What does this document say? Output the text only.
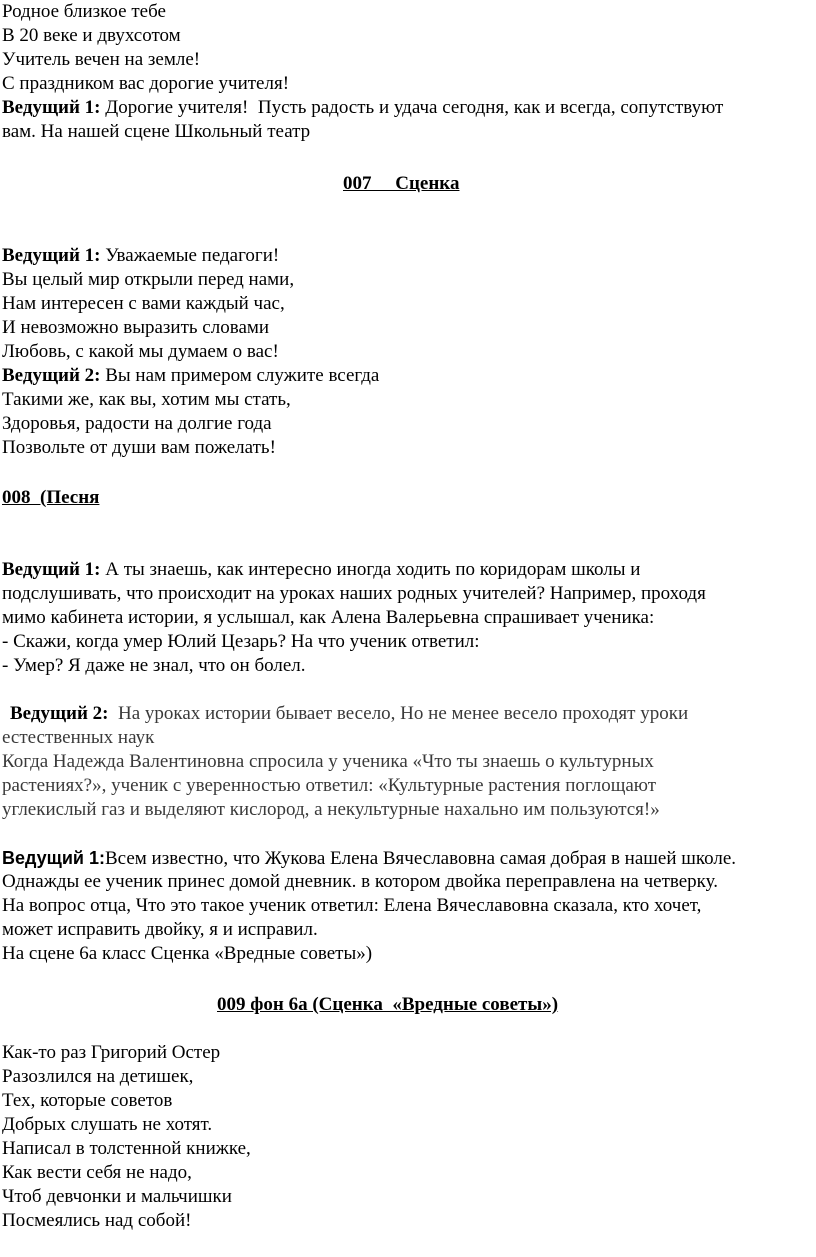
Родное близкое тебе
В 20 веке и двухсотом
Учитель вечен на земле!
С праздником вас дорогие учителя!
Ведущий 1: Дорогие учителя!  Пусть радость и удача сегодня, как и всегда, сопутствуют
вам. На нашей сцене Школьный театр
007     Сценка
Ведущий 1: Уважаемые педагоги!
Вы целый мир открыли перед нами,
Нам интересен с вами каждый час,
И невозможно выразить словами
Любовь, с какой мы думаем о вас!
Ведущий 2: Вы нам примером служите всегда
Такими же, как вы, хотим мы стать,
Здоровья, радости на долгие года
Позвольте от души вам пожелать!
008  (Песня
Ведущий 1: А ты знаешь, как интересно иногда ходить по коридорам школы и
подслушивать, что происходит на уроках наших родных учителей? Например, проходя
мимо кабинета истории, я услышал, как Алена Валерьевна спрашивает ученика:
- Скажи, когда умер Юлий Цезарь? На что ученик ответил:
- Умер? Я даже не знал, что он болел.
Ведущий 2:  На уроках истории бывает весело, Но не менее весело проходят уроки
естественных наук
Когда Надежда Валентиновна спросила у ученика «Что ты знаешь о культурных
растениях?», ученик с уверенностью ответил: «Культурные растения поглощают
углекислый газ и выделяют кислород, а некультурные нахально им пользуются!»
Ведущий 1:Всем известно, что Жукова Елена Вячеславовна самая добрая в нашей школе.
Однажды ее ученик принес домой дневник. в котором двойка переправлена на четверку.
На вопрос отца, Что это такое ученик ответил: Елена Вячеславовна сказала, кто хочет,
может исправить двойку, я и исправил.
На сцене 6а класс Сценка «Вредные советы»)
009 фон 6а (Сценка  «Вредные советы»)
Как-то раз Григорий Остер
Разозлился на детишек,
Тех, которые советов
Добрых слушать не хотят.
Написал в толстенной книжке,
Как вести себя не надо,
Чтоб девчонки и мальчишки
Посмеялись над собой!
